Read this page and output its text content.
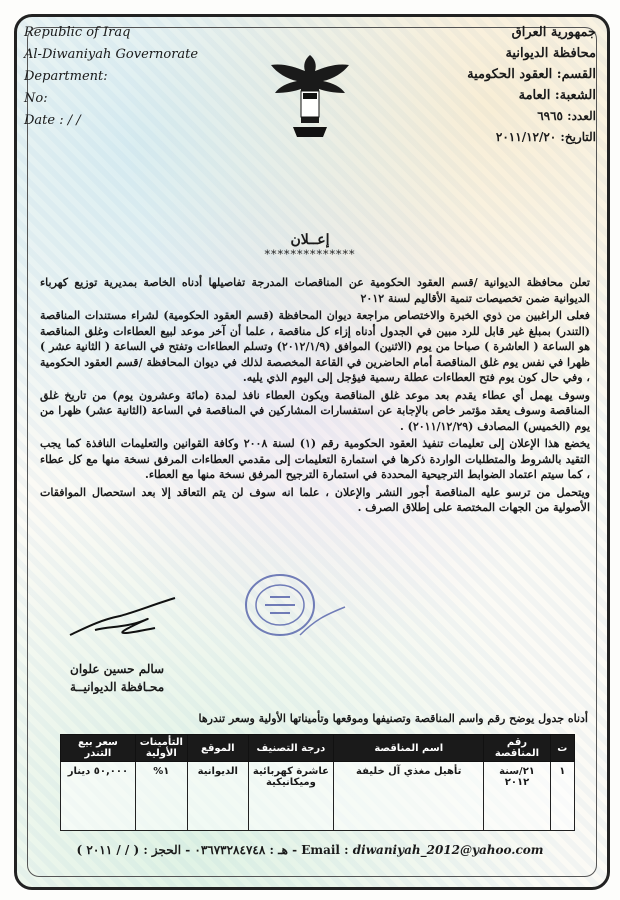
Republic of Iraq
Al-Diwaniyah Governorate
Department:
No:
Date : / /
جمهورية العراق
محافظة الديوانية
القسم: العقود الحكومية
الشعبة: العامة
العدد: ٦٩٦٥
التاريخ: ٢٠١١/١٢/٢٠
إعــلان
**************

تعلن محافظة الديوانية /قسم العقود الحكومية عن المناقصات المدرجة تفاصيلها أدناه الخاصة بمديرية توزيع كهرباء الديوانية ضمن تخصيصات تنمية الأقاليم لسنة ٢٠١٢

فعلى الراغبين من ذوي الخبرة والاختصاص مراجعة ديوان المحافظة (قسم العقود الحكومية) لشراء مستندات المناقصة (التندر) بمبلغ غير قابل للرد مبين في الجدول أدناه إزاء كل مناقصة ، علما أن آخر موعد لبيع العطاءات وغلق المناقصة هو الساعة ( العاشرة ) صباحا من يوم (الاثنين) الموافق (٢٠١٢/١/٩) وتسلم العطاءات وتفتح في الساعة ( الثانية عشر ) ظهرا في نفس يوم غلق المناقصة أمام الحاضرين في القاعة المخصصة لذلك في ديوان المحافظة /قسم العقود الحكومية ، وفي حال كون يوم فتح العطاءات عطلة رسمية فيؤجل إلى اليوم الذي يليه.

وسوف يهمل أي عطاء يقدم بعد موعد غلق المناقصة ويكون العطاء نافذ لمدة (مائة وعشرون يوم) من تاريخ غلق المناقصة وسوف يعقد مؤتمر خاص بالإجابة عن استفسارات المشاركين في المناقصة في الساعة (الثانية عشر) ظهرا من يوم (الخميس) المصادف (٢٠١١/١٢/٢٩) .

يخضع هذا الإعلان إلى تعليمات تنفيذ العقود الحكومية رقم (١) لسنة ٢٠٠٨ وكافة القوانين والتعليمات النافذة كما يجب التقيد بالشروط والمتطلبات الواردة ذكرها في استمارة التعليمات إلى مقدمي العطاءات المرفق نسخة منها مع كل عطاء ، كما سيتم اعتماد الضوابط الترجيحية المحددة في استمارة الترجيح المرفق نسخة منها مع العطاء.

ويتحمل من ترسو عليه المناقصة أجور النشر والإعلان ، علما انه سوف لن يتم التعاقد إلا بعد استحصال الموافقات الأصولية من الجهات المختصة على إطلاق الصرف .

سالم حسين علوان
محـافظة الديوانيــة
أدناه جدول يوضح رقم واسم المناقصة وتصنيفها وموقعها وتأميناتها الأولية وسعر تندرها
ت	رقم المناقصة	اسم المناقصة	درجة التصنيف	الموقع	التأمينات الأولية	سعر بيع التندر
١	٢١/سنة ٢٠١٢	تأهيل مغذي آل خليفة	عاشرة كهربائية وميكانيكية	الديوانية	١%	٥٠,٠٠٠ دينار
هـ : ٠٣٦٧٣٢٨٤٧٤٨ - الحجز : ( / / ٢٠١١ ) - Email : diwaniyah_2012@yahoo.com
